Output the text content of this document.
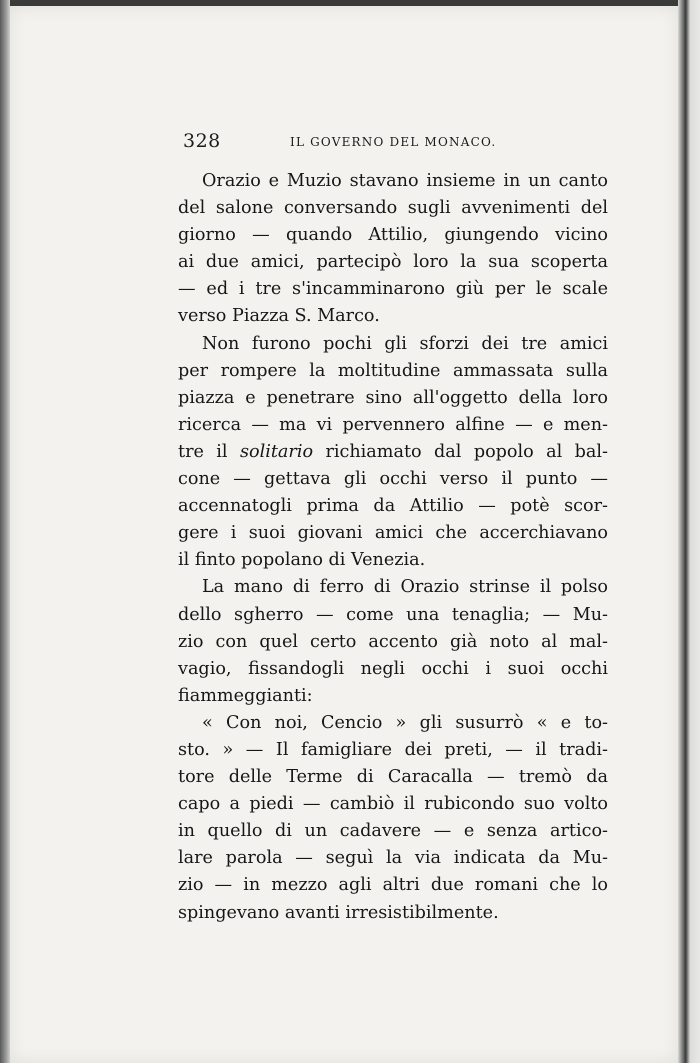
328	IL GOVERNO DEL MONACO.
Orazio e Muzio stavano insieme in un canto
del salone conversando sugli avvenimenti del
giorno — quando Attilio, giungendo vicino
ai due amici, partecipò loro la sua scoperta
— ed i tre s'incamminarono giù per le scale
verso Piazza S. Marco.
Non furono pochi gli sforzi dei tre amici
per rompere la moltitudine ammassata sulla
piazza e penetrare sino all'oggetto della loro
ricerca — ma vi pervennero alfine — e men-
tre il solitario richiamato dal popolo al bal-
cone — gettava gli occhi verso il punto —
accennatogli prima da Attilio — potè scor-
gere i suoi giovani amici che accerchiavano
il finto popolano di Venezia.
La mano di ferro di Orazio strinse il polso
dello sgherro — come una tenaglia; — Mu-
zio con quel certo accento già noto al mal-
vagio, fissandogli negli occhi i suoi occhi
fiammeggianti:
« Con noi, Cencio » gli susurrò « e to-
sto. » — Il famigliare dei preti, — il tradi-
tore delle Terme di Caracalla — tremò da
capo a piedi — cambiò il rubicondo suo volto
in quello di un cadavere — e senza artico-
lare parola — seguì la via indicata da Mu-
zio — in mezzo agli altri due romani che lo
spingevano avanti irresistibilmente.
